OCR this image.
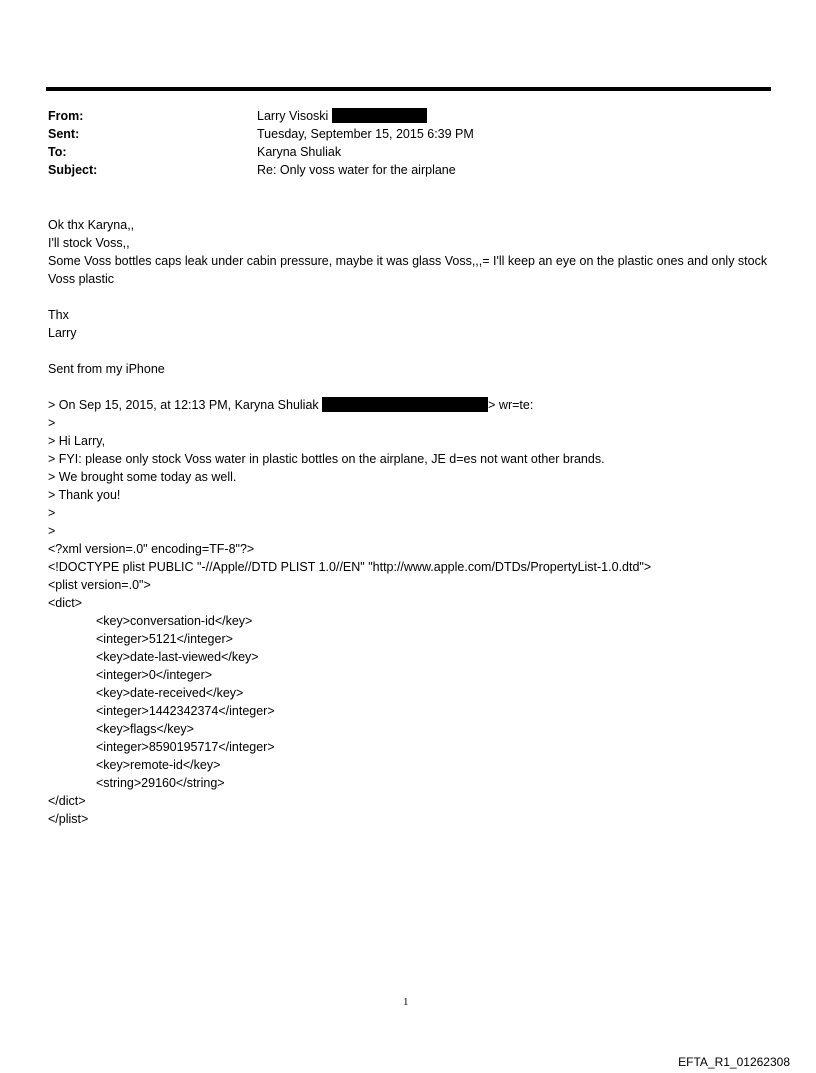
From:	Larry Visoski
Sent:	Tuesday, September 15, 2015 6:39 PM
To:	Karyna Shuliak
Subject:	Re: Only voss water for the airplane
Ok thx Karyna,,
I'll stock Voss,,
Some Voss bottles caps leak under cabin pressure, maybe it was glass Voss,,,= I'll keep an eye on the plastic ones and only stock Voss plastic
Thx
Larry
Sent from my iPhone
> On Sep 15, 2015, at 12:13 PM, Karyna Shuliak	> wr=te:
>
> Hi Larry,
> FYI: please only stock Voss water in plastic bottles on the airplane, JE d=es not want other brands.
> We brought some today as well.
> Thank you!
>
>
<?xml version=.0" encoding=TF-8"?>
<!DOCTYPE plist PUBLIC "-//Apple//DTD PLIST 1.0//EN" "http://www.apple.com/DTDs/PropertyList-1.0.dtd">
<plist version=.0">
<dict>
<key>conversation-id</key>
<integer>5121</integer>
<key>date-last-viewed</key>
<integer>0</integer>
<key>date-received</key>
<integer>1442342374</integer>
<key>flags</key>
<integer>8590195717</integer>
<key>remote-id</key>
<string>29160</string>
</dict>
</plist>
1
EFTA_R1_01262308
